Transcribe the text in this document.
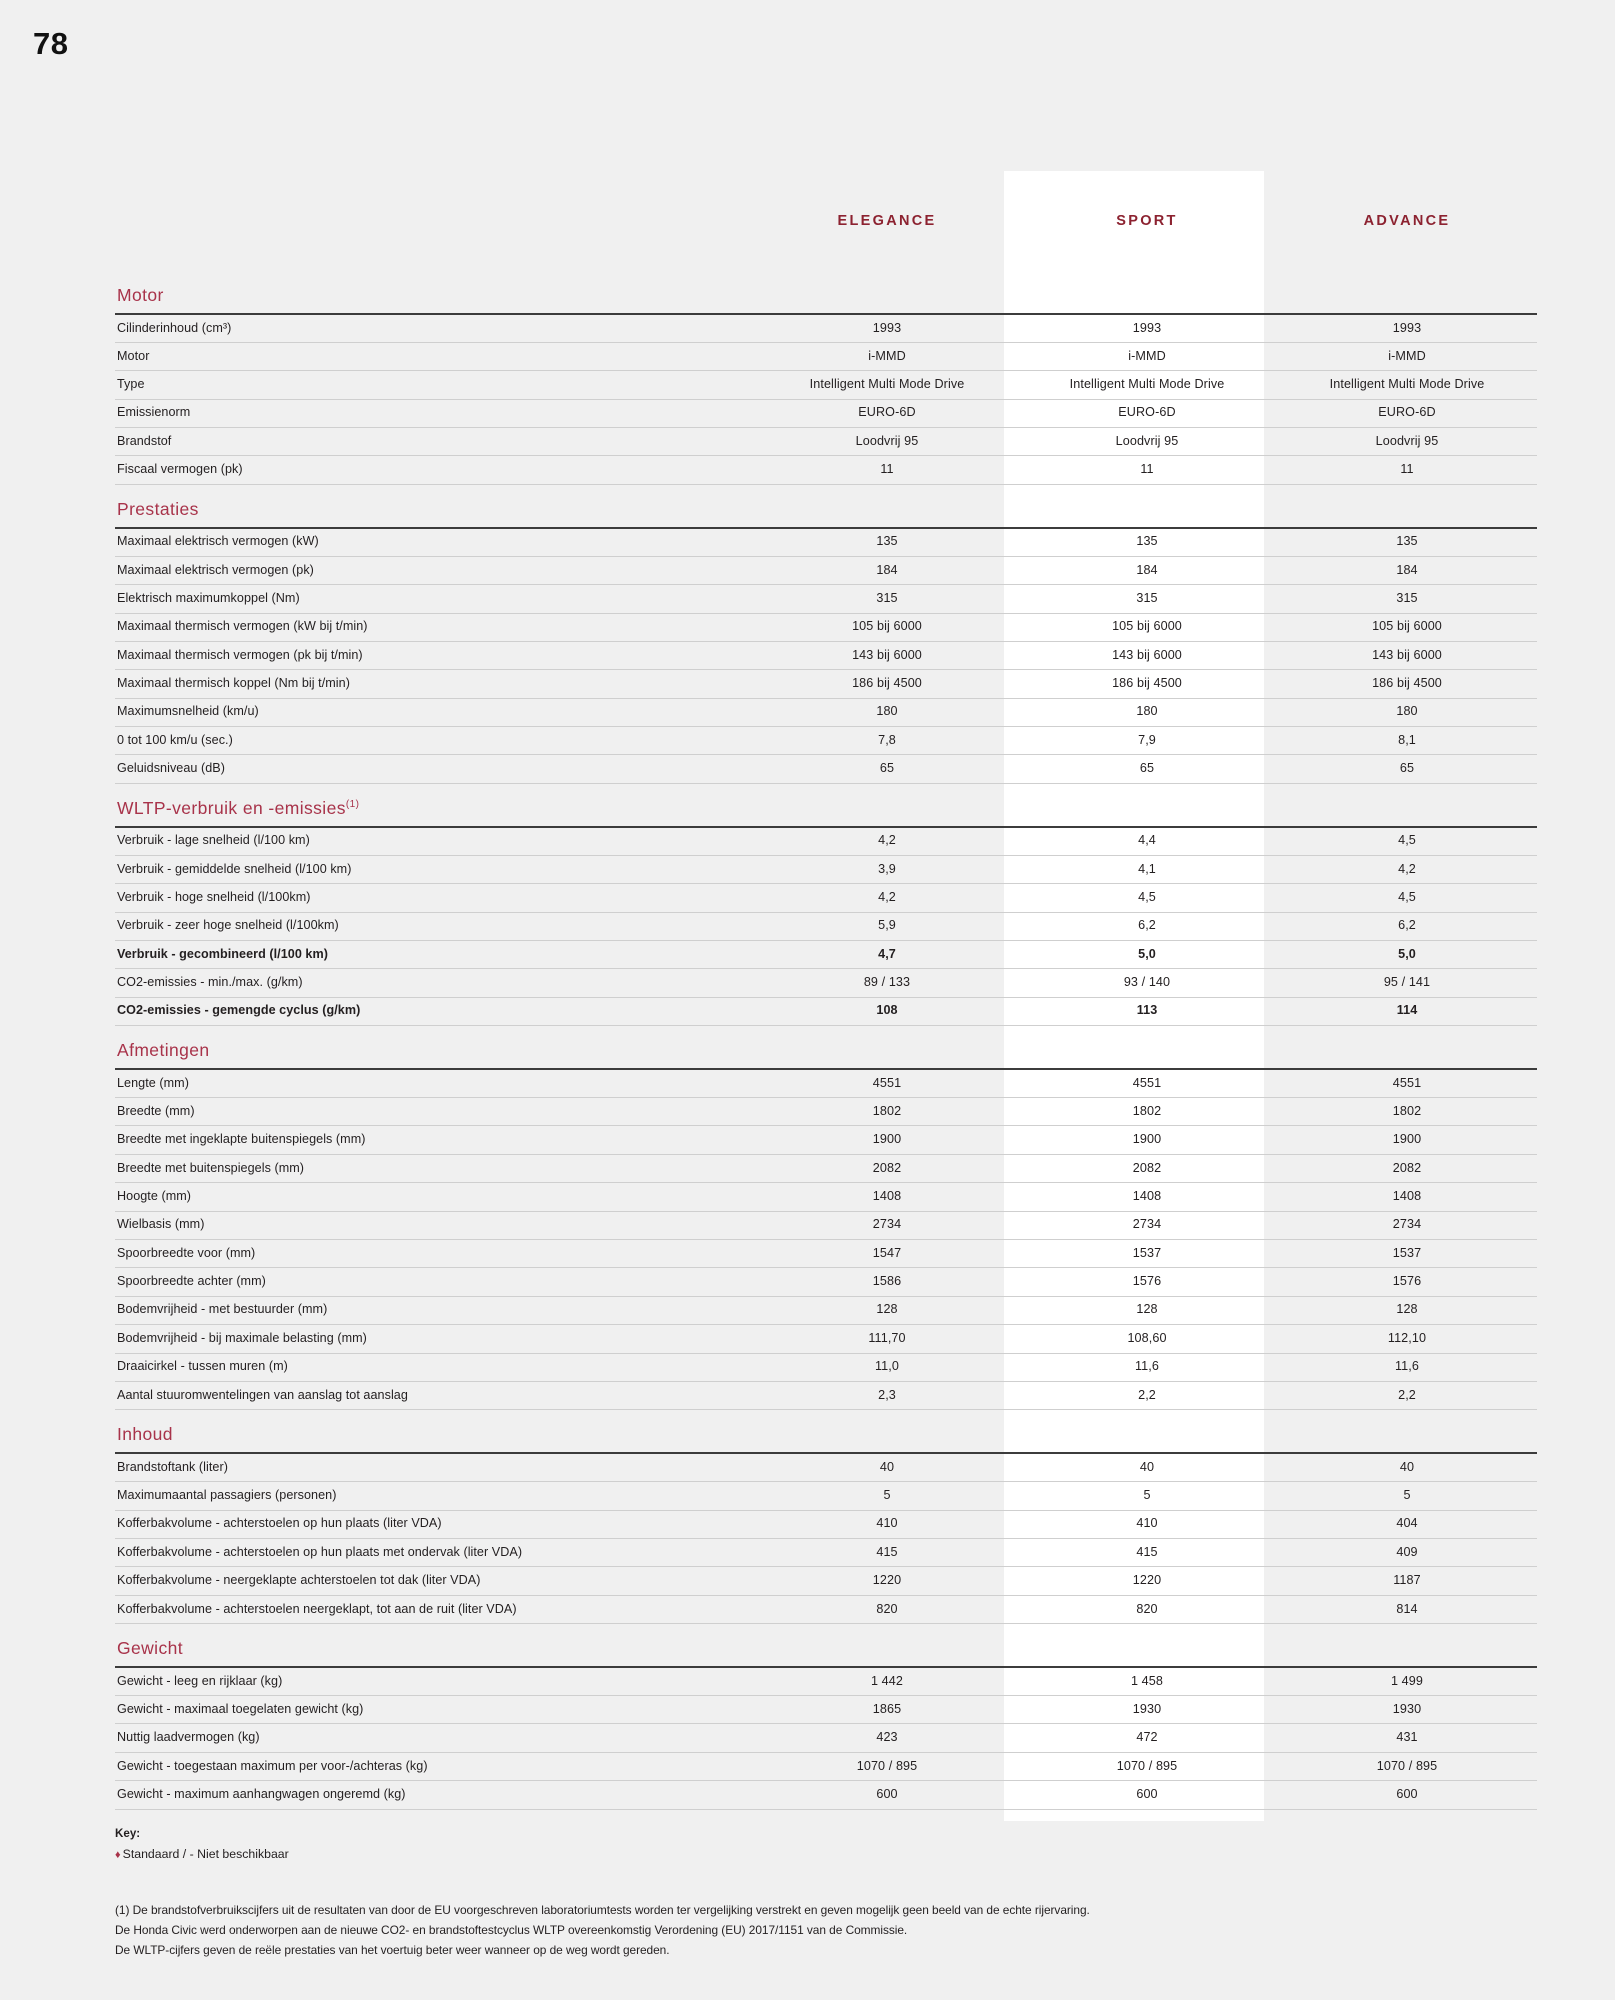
78
	ELEGANCE	SPORT	ADVANCE
Motor			
Cilinderinhoud (cm³)	1993	1993	1993
Motor	i-MMD	i-MMD	i-MMD
Type	Intelligent Multi Mode Drive	Intelligent Multi Mode Drive	Intelligent Multi Mode Drive
Emissienorm	EURO-6D	EURO-6D	EURO-6D
Brandstof	Loodvrij 95	Loodvrij 95	Loodvrij 95
Fiscaal vermogen (pk)	11	11	11
Prestaties			
Maximaal elektrisch vermogen (kW)	135	135	135
Maximaal elektrisch vermogen (pk)	184	184	184
Elektrisch maximumkoppel (Nm)	315	315	315
Maximaal thermisch vermogen (kW bij t/min)	105 bij 6000	105 bij 6000	105 bij 6000
Maximaal thermisch vermogen (pk bij t/min)	143 bij 6000	143 bij 6000	143 bij 6000
Maximaal thermisch koppel (Nm bij t/min)	186 bij 4500	186 bij 4500	186 bij 4500
Maximumsnelheid (km/u)	180	180	180
0 tot 100 km/u (sec.)	7,8	7,9	8,1
Geluidsniveau (dB)	65	65	65
WLTP-verbruik en -emissies$^{(1)}$			
Verbruik - lage snelheid (l/100 km)	4,2	4,4	4,5
Verbruik - gemiddelde snelheid (l/100 km)	3,9	4,1	4,2
Verbruik - hoge snelheid (l/100km)	4,2	4,5	4,5
Verbruik - zeer hoge snelheid (l/100km)	5,9	6,2	6,2
Verbruik - gecombineerd (l/100 km)	4,7	5,0	5,0
CO2-emissies - min./max. (g/km)	89 / 133	93 / 140	95 / 141
CO2-emissies - gemengde cyclus (g/km)	108	113	114
Afmetingen			
Lengte (mm)	4551	4551	4551
Breedte (mm)	1802	1802	1802
Breedte met ingeklapte buitenspiegels (mm)	1900	1900	1900
Breedte met buitenspiegels (mm)	2082	2082	2082
Hoogte (mm)	1408	1408	1408
Wielbasis (mm)	2734	2734	2734
Spoorbreedte voor (mm)	1547	1537	1537
Spoorbreedte achter (mm)	1586	1576	1576
Bodemvrijheid - met bestuurder (mm)	128	128	128
Bodemvrijheid - bij maximale belasting (mm)	111,70	108,60	112,10
Draaicirkel - tussen muren (m)	11,0	11,6	11,6
Aantal stuuromwentelingen van aanslag tot aanslag	2,3	2,2	2,2
Inhoud			
Brandstoftank (liter)	40	40	40
Maximumaantal passagiers (personen)	5	5	5
Kofferbakvolume - achterstoelen op hun plaats (liter VDA)	410	410	404
Kofferbakvolume - achterstoelen op hun plaats met ondervak (liter VDA)	415	415	409
Kofferbakvolume - neergeklapte achterstoelen tot dak (liter VDA)	1220	1220	1187
Kofferbakvolume - achterstoelen neergeklapt, tot aan de ruit (liter VDA)	820	820	814
Gewicht			
Gewicht - leeg en rijklaar (kg)	1 442	1 458	1 499
Gewicht - maximaal toegelaten gewicht (kg)	1865	1930	1930
Nuttig laadvermogen (kg)	423	472	431
Gewicht - toegestaan maximum per voor-/achteras (kg)	1070 / 895	1070 / 895	1070 / 895
Gewicht - maximum aanhangwagen ongeremd (kg)	600	600	600
Key:
♦ Standaard / - Niet beschikbaar

(1) De brandstofverbruikscijfers uit de resultaten van door de EU voorgeschreven laboratoriumtests worden ter vergelijking verstrekt en geven mogelijk geen beeld van de echte rijervaring.

De Honda Civic werd onderworpen aan de nieuwe CO2- en brandstoftestcyclus WLTP overeenkomstig Verordening (EU) 2017/1151 van de Commissie.

De WLTP-cijfers geven de reële prestaties van het voertuig beter weer wanneer op de weg wordt gereden.
